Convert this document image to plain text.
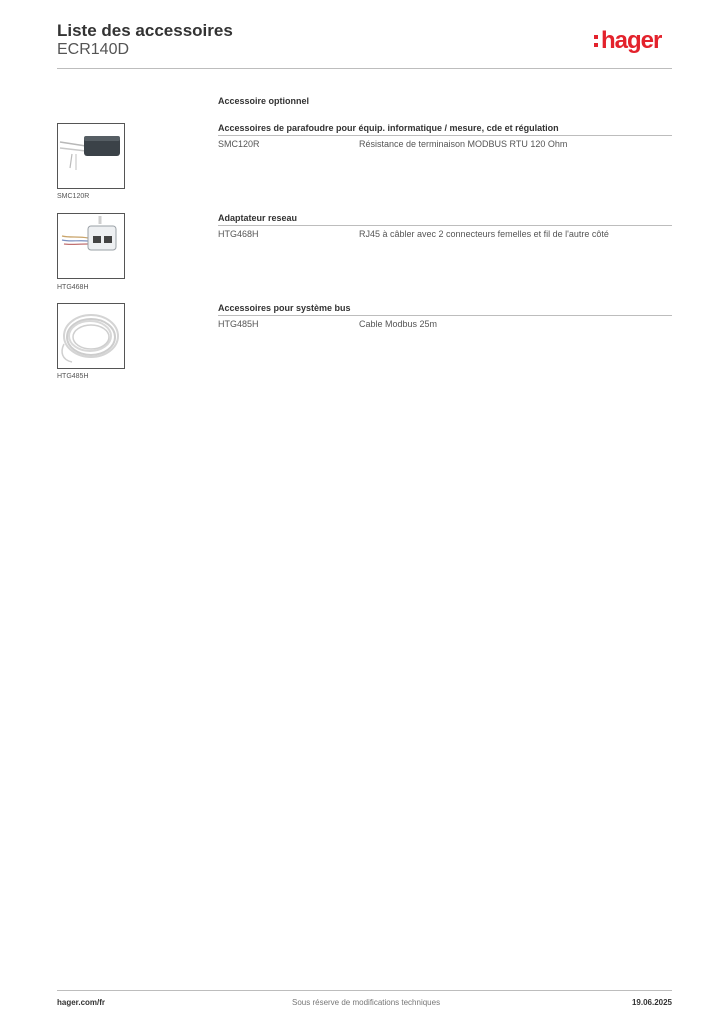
Liste des accessoires
ECR140D	hager
Accessoire optionnel
SMC120R
Accessoires de parafoudre pour équip. informatique / mesure, cde et régulation
SMC120R	Résistance de terminaison MODBUS RTU 120 Ohm
HTG468H
Adaptateur reseau
HTG468H	RJ45 à câbler avec 2 connecteurs femelles et fil de l'autre côté
HTG485H
Accessoires pour système bus
HTG485H	Cable Modbus 25m
hager.com/fr	Sous réserve de modifications techniques	19.06.2025
